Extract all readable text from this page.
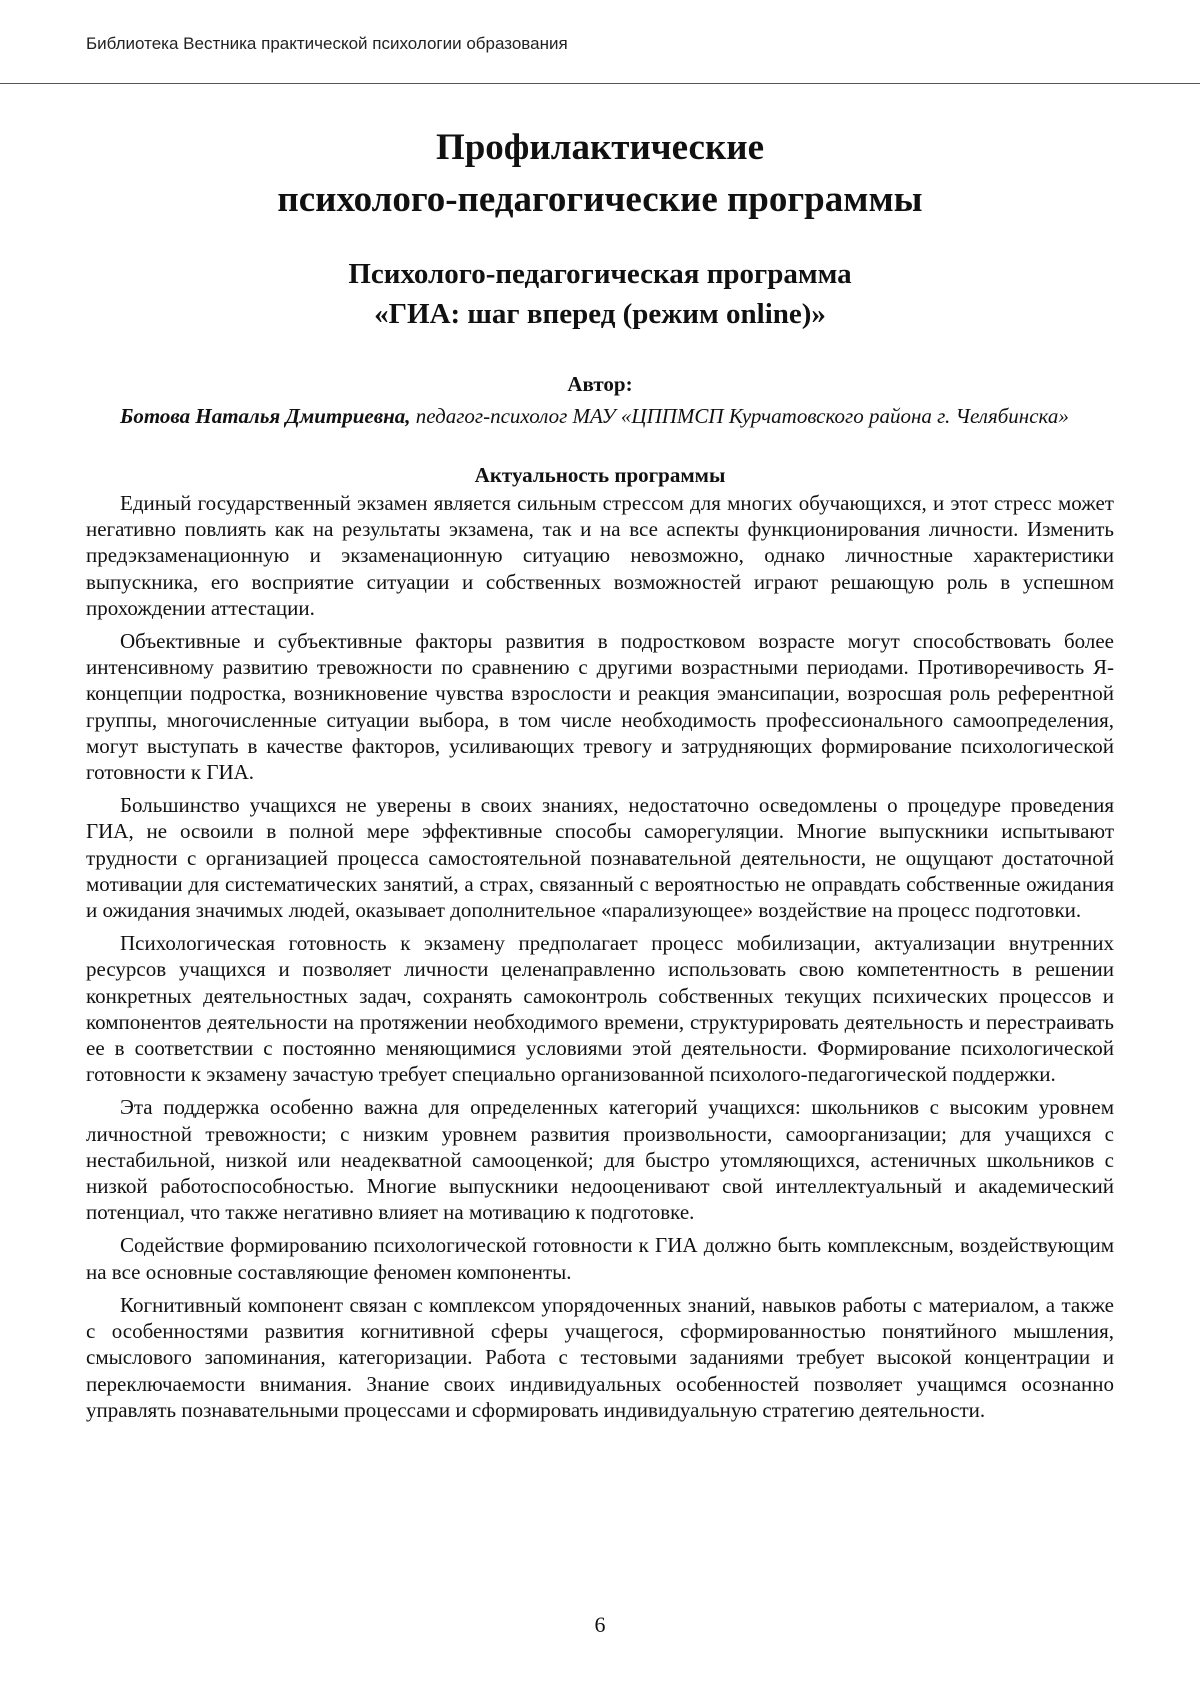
Библиотека Вестника практической психологии образования
Профилактические
психолого-педагогические программы
Психолого-педагогическая программа
«ГИА: шаг вперед (режим online)»
Автор:

Ботова Наталья Дмитриевна, педагог-психолог МАУ «ЦППМСП Курчатовского района г. Челябинска»

Актуальность программы

Единый государственный экзамен является сильным стрессом для многих обучающихся, и этот стресс может негативно повлиять как на результаты экзамена, так и на все аспекты функционирования личности. Изменить предэкзаменационную и экзаменационную ситуацию невозможно, однако личностные характеристики выпускника, его восприятие ситуации и собственных возможностей играют решающую роль в успешном прохождении аттестации.

Объективные и субъективные факторы развития в подростковом возрасте могут способствовать более интенсивному развитию тревожности по сравнению с другими возрастными периодами. Противоречивость Я-концепции подростка, возникновение чувства взрослости и реакция эмансипации, возросшая роль референтной группы, многочисленные ситуации выбора, в том числе необходимость профессионального самоопределения, могут выступать в качестве факторов, усиливающих тревогу и затрудняющих формирование психологической готовности к ГИА.

Большинство учащихся не уверены в своих знаниях, недостаточно осведомлены о процедуре проведения ГИА, не освоили в полной мере эффективные способы саморегуляции. Многие выпускники испытывают трудности с организацией процесса самостоятельной познавательной деятельности, не ощущают достаточной мотивации для систематических занятий, а страх, связанный с вероятностью не оправдать собственные ожидания и ожидания значимых людей, оказывает дополнительное «парализующее» воздействие на процесс подготовки.

Психологическая готовность к экзамену предполагает процесс мобилизации, актуализации внутренних ресурсов учащихся и позволяет личности целенаправленно использовать свою компетентность в решении конкретных деятельностных задач, сохранять самоконтроль собственных текущих психических процессов и компонентов деятельности на протяжении необходимого времени, структурировать деятельность и перестраивать ее в соответствии с постоянно меняющимися условиями этой деятельности. Формирование психологической готовности к экзамену зачастую требует специально организованной психолого-педагогической поддержки.

Эта поддержка особенно важна для определенных категорий учащихся: школьников с высоким уровнем личностной тревожности; с низким уровнем развития произвольности, самоорганизации; для учащихся с нестабильной, низкой или неадекватной самооценкой; для быстро утомляющихся, астеничных школьников с низкой работоспособностью. Многие выпускники недооценивают свой интеллектуальный и академический потенциал, что также негативно влияет на мотивацию к подготовке.

Содействие формированию психологической готовности к ГИА должно быть комплексным, воздействующим на все основные составляющие феномен компоненты.

Когнитивный компонент связан с комплексом упорядоченных знаний, навыков работы с материалом, а также с особенностями развития когнитивной сферы учащегося, сформированностью понятийного мышления, смыслового запоминания, категоризации. Работа с тестовыми заданиями требует высокой концентрации и переключаемости внимания. Знание своих индивидуальных особенностей позволяет учащимся осознанно управлять познавательными процессами и сформировать индивидуальную стратегию деятельности.

6
